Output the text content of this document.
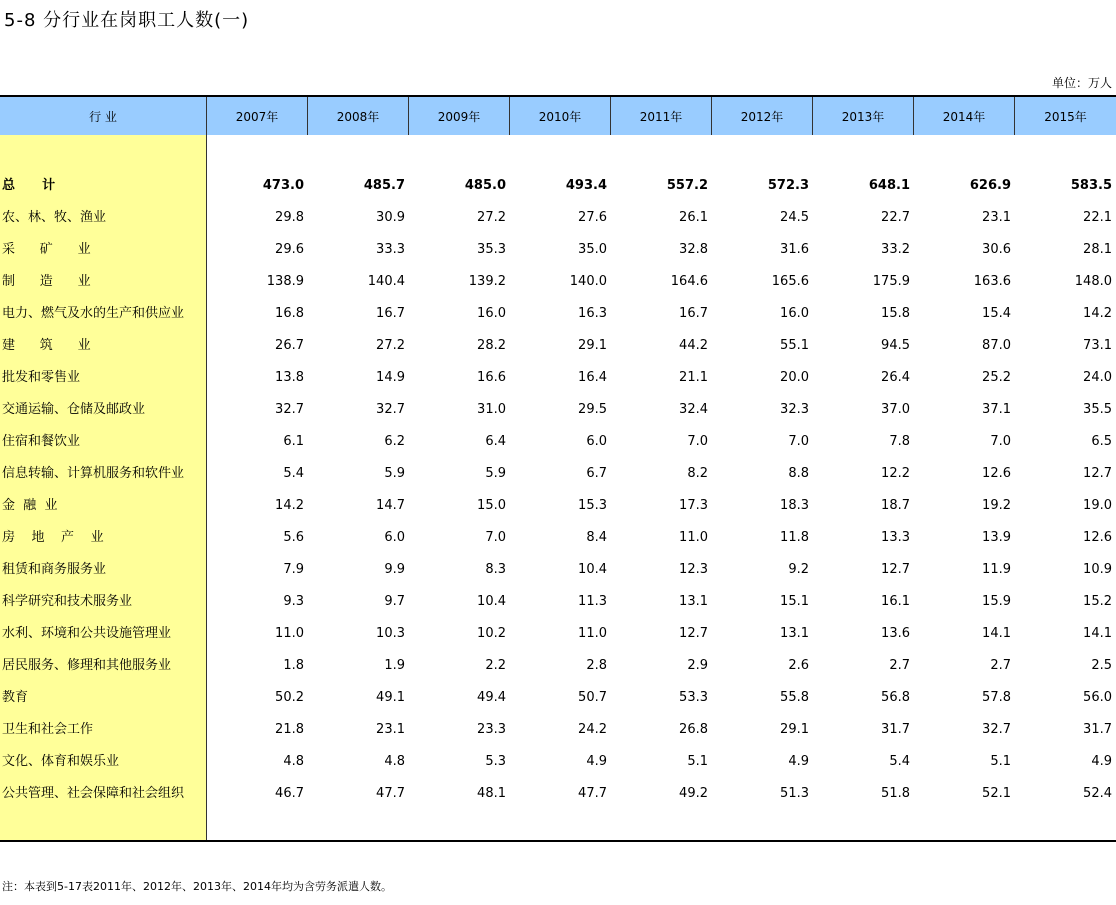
5-8 分行业在岗职工人数(一)
单位：万人
行 业	2007年	2008年	2009年	2010年	2011年	2012年	2013年	2014年	2015年
总      计	473.0	485.7	485.0	493.4	557.2	572.3	648.1	626.9	583.5
农、林、牧、渔业	29.8	30.9	27.2	27.6	26.1	24.5	22.7	23.1	22.1
采      矿      业	29.6	33.3	35.3	35.0	32.8	31.6	33.2	30.6	28.1
制      造      业	138.9	140.4	139.2	140.0	164.6	165.6	175.9	163.6	148.0
电力、燃气及水的生产和供应业	16.8	16.7	16.0	16.3	16.7	16.0	15.8	15.4	14.2
建      筑      业	26.7	27.2	28.2	29.1	44.2	55.1	94.5	87.0	73.1
批发和零售业	13.8	14.9	16.6	16.4	21.1	20.0	26.4	25.2	24.0
交通运输、仓储及邮政业	32.7	32.7	31.0	29.5	32.4	32.3	37.0	37.1	35.5
住宿和餐饮业	6.1	6.2	6.4	6.0	7.0	7.0	7.8	7.0	6.5
信息转输、计算机服务和软件业	5.4	5.9	5.9	6.7	8.2	8.8	12.2	12.6	12.7
金  融  业	14.2	14.7	15.0	15.3	17.3	18.3	18.7	19.2	19.0
房    地    产    业	5.6	6.0	7.0	8.4	11.0	11.8	13.3	13.9	12.6
租赁和商务服务业	7.9	9.9	8.3	10.4	12.3	9.2	12.7	11.9	10.9
科学研究和技术服务业	9.3	9.7	10.4	11.3	13.1	15.1	16.1	15.9	15.2
水利、环境和公共设施管理业	11.0	10.3	10.2	11.0	12.7	13.1	13.6	14.1	14.1
居民服务、修理和其他服务业	1.8	1.9	2.2	2.8	2.9	2.6	2.7	2.7	2.5
教育	50.2	49.1	49.4	50.7	53.3	55.8	56.8	57.8	56.0
卫生和社会工作	21.8	23.1	23.3	24.2	26.8	29.1	31.7	32.7	31.7
文化、体育和娱乐业	4.8	4.8	5.3	4.9	5.1	4.9	5.4	5.1	4.9
公共管理、社会保障和社会组织	46.7	47.7	48.1	47.7	49.2	51.3	51.8	52.1	52.4
注：本表到5-17表2011年、2012年、2013年、2014年均为含劳务派遣人数。
